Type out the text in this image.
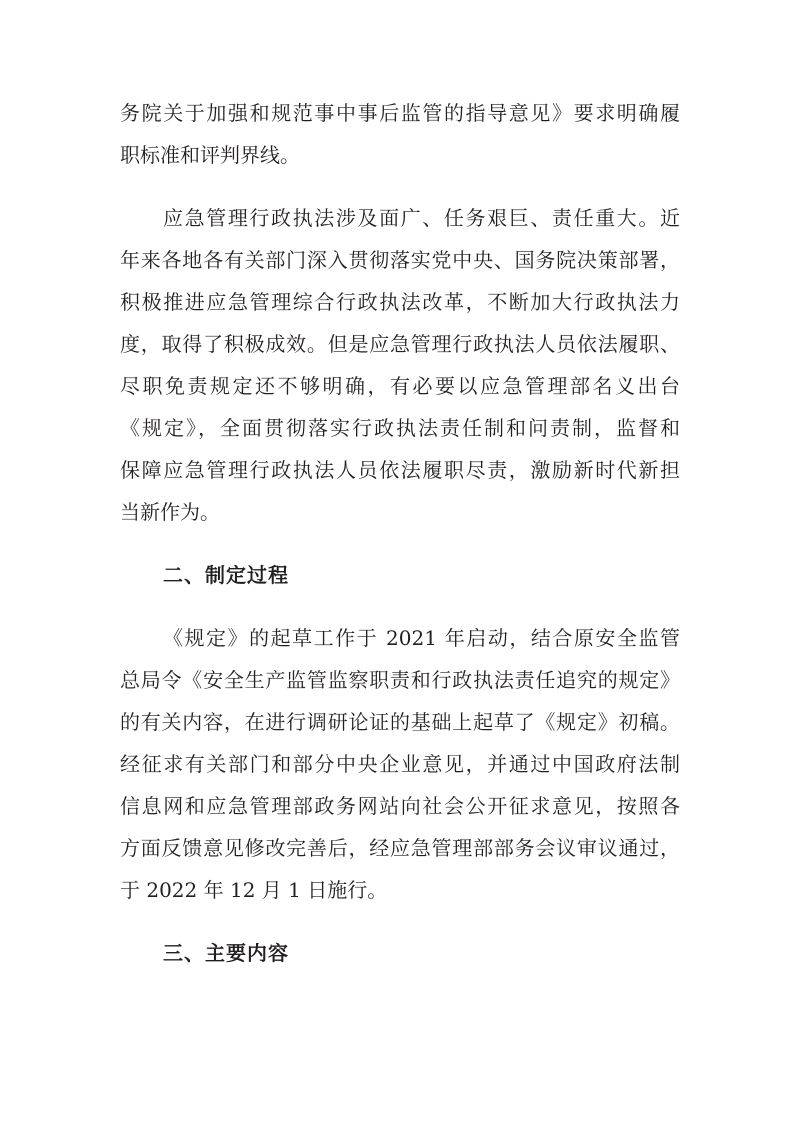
务院关于加强和规范事中事后监管的指导意见》要求明确履
职标准和评判界线。
应急管理行政执法涉及面广、任务艰巨、责任重大。近
年来各地各有关部门深入贯彻落实党中央、国务院决策部署，
积极推进应急管理综合行政执法改革，不断加大行政执法力
度，取得了积极成效。但是应急管理行政执法人员依法履职、
尽职免责规定还不够明确，有必要以应急管理部名义出台
《规定》，全面贯彻落实行政执法责任制和问责制，监督和
保障应急管理行政执法人员依法履职尽责，激励新时代新担
当新作为。
二、制定过程
《规定》的起草工作于 2021 年启动，结合原安全监管
总局令《安全生产监管监察职责和行政执法责任追究的规定》
的有关内容，在进行调研论证的基础上起草了《规定》初稿。
经征求有关部门和部分中央企业意见，并通过中国政府法制
信息网和应急管理部政务网站向社会公开征求意见，按照各
方面反馈意见修改完善后，经应急管理部部务会议审议通过，
于 2022 年 12 月 1 日施行。
三、主要内容
